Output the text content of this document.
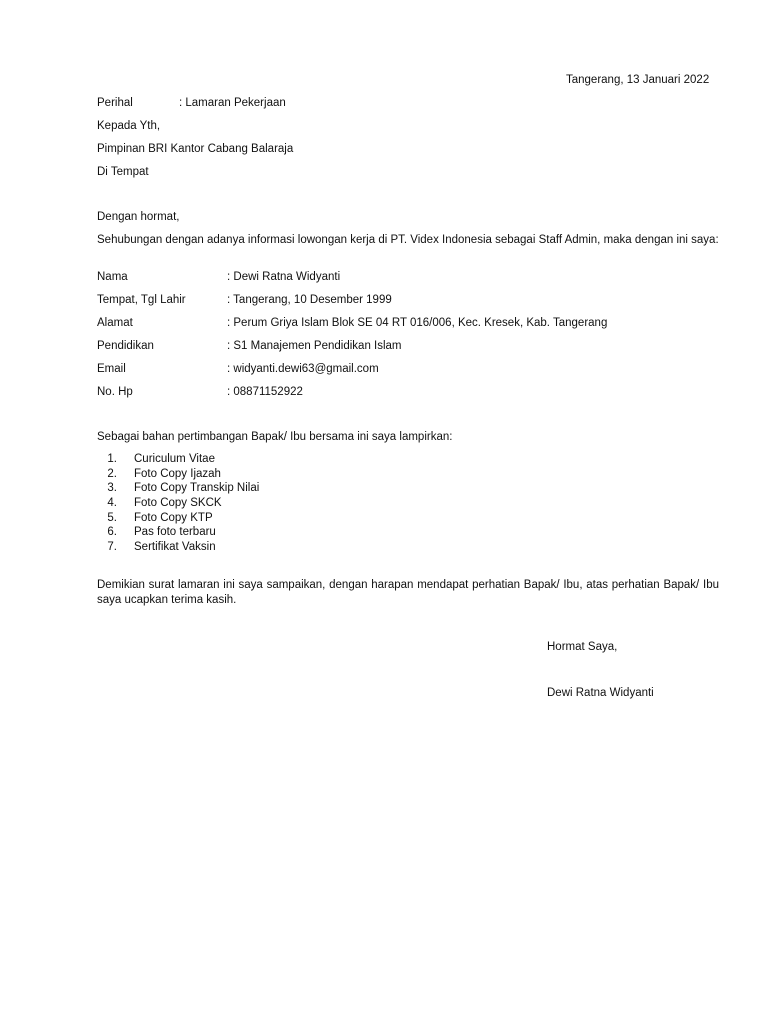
Tangerang, 13 Januari 2022
Perihal	: Lamaran Pekerjaan
Kepada Yth,
Pimpinan BRI Kantor Cabang Balaraja
Di Tempat
Dengan hormat,
Sehubungan dengan adanya informasi lowongan kerja di PT. Videx Indonesia sebagai Staff Admin, maka dengan ini saya:
Nama	: Dewi Ratna Widyanti
Tempat, Tgl Lahir	: Tangerang, 10 Desember 1999
Alamat	: Perum Griya Islam Blok SE 04 RT 016/006, Kec. Kresek, Kab. Tangerang
Pendidikan	: S1 Manajemen Pendidikan Islam
Email	: widyanti.dewi63@gmail.com
No. Hp	: 08871152922
Sebagai bahan pertimbangan Bapak/ Ibu bersama ini saya lampirkan:
1. Curiculum Vitae
2. Foto Copy Ijazah
3. Foto Copy Transkip Nilai
4. Foto Copy SKCK
5. Foto Copy KTP
6. Pas foto terbaru
7. Sertifikat Vaksin
Demikian surat lamaran ini saya sampaikan, dengan harapan mendapat perhatian Bapak/ Ibu, atas perhatian Bapak/ Ibu saya ucapkan terima kasih.
Hormat Saya,
Dewi Ratna Widyanti
